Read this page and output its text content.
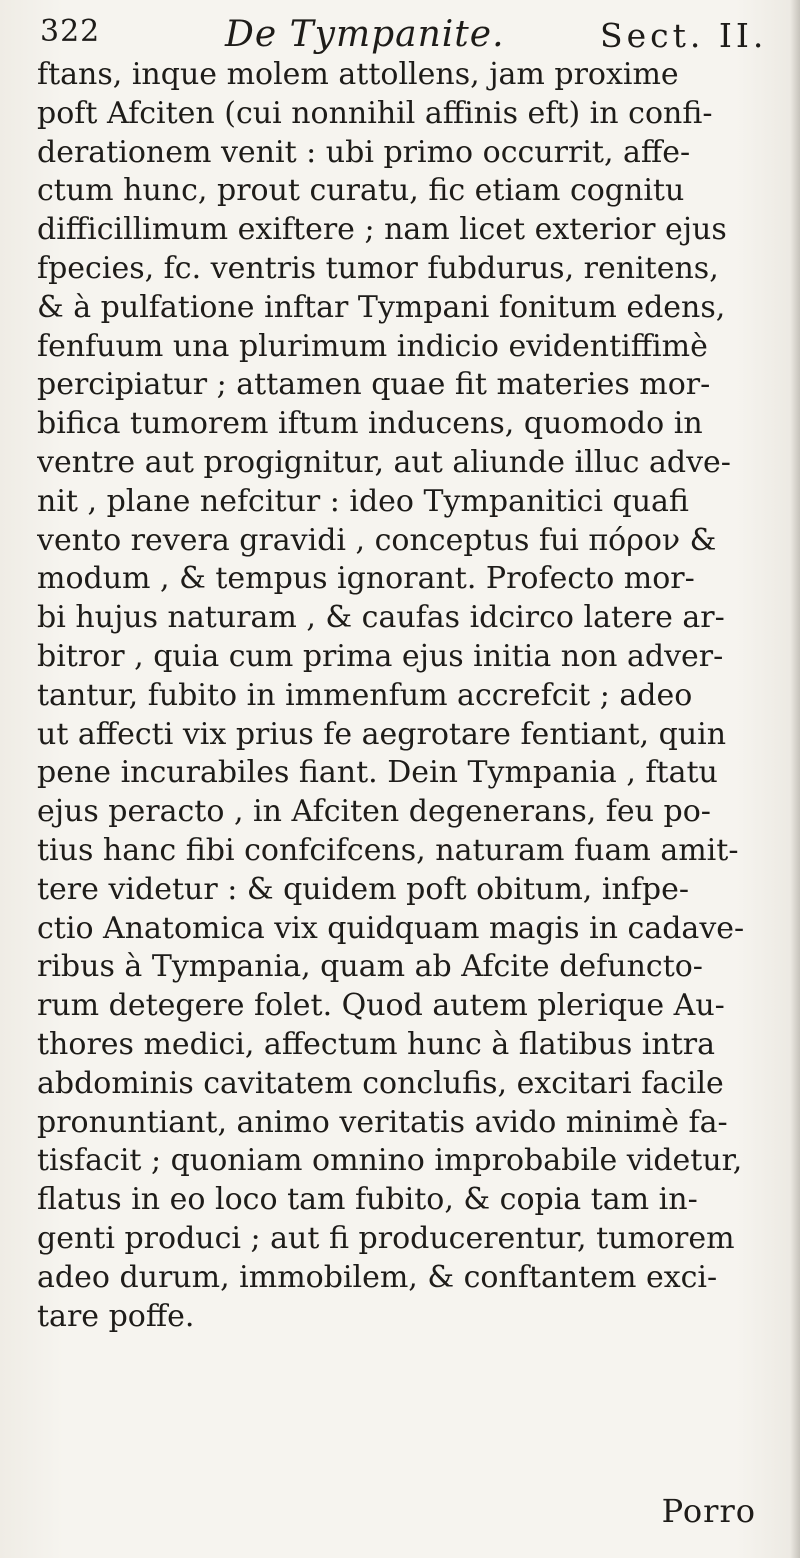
322	De Tympanite.	Sect. II.
ftans, inque molem attollens, jam proxime
poft Afciten (cui nonnihil affinis eft) in confi-
derationem venit : ubi primo occurrit, affe-
ctum hunc, prout curatu, fic etiam cognitu
difficillimum exiftere ; nam licet exterior ejus
fpecies, fc. ventris tumor fubdurus, renitens,
& à pulfatione inftar Tympani fonitum edens,
fenfuum una plurimum indicio evidentiffimè
percipiatur ; attamen quae fit materies mor-
bifica tumorem iftum inducens, quomodo in
ventre aut progignitur, aut aliunde illuc adve-
nit , plane nefcitur : ideo Tympanitici quafi
vento revera gravidi , conceptus fui πόρον &
modum , & tempus ignorant. Profecto mor-
bi hujus naturam , & caufas idcirco latere ar-
bitror , quia cum prima ejus initia non adver-
tantur, fubito in immenfum accrefcit ; adeo
ut affecti vix prius fe aegrotare fentiant, quin
pene incurabiles fiant. Dein Tympania , ftatu
ejus peracto , in Afciten degenerans, feu po-
tius hanc fibi confcifcens, naturam fuam amit-
tere videtur : & quidem poft obitum, infpe-
ctio Anatomica vix quidquam magis in cadave-
ribus à Tympania, quam ab Afcite defuncto-
rum detegere folet. Quod autem plerique Au-
thores medici, affectum hunc à flatibus intra
abdominis cavitatem conclufis, excitari facile
pronuntiant, animo veritatis avido minimè fa-
tisfacit ; quoniam omnino improbabile videtur,
flatus in eo loco tam fubito, & copia tam in-
genti produci ; aut fi producerentur, tumorem
adeo durum, immobilem, & conftantem exci-
tare poffe.
Porro
